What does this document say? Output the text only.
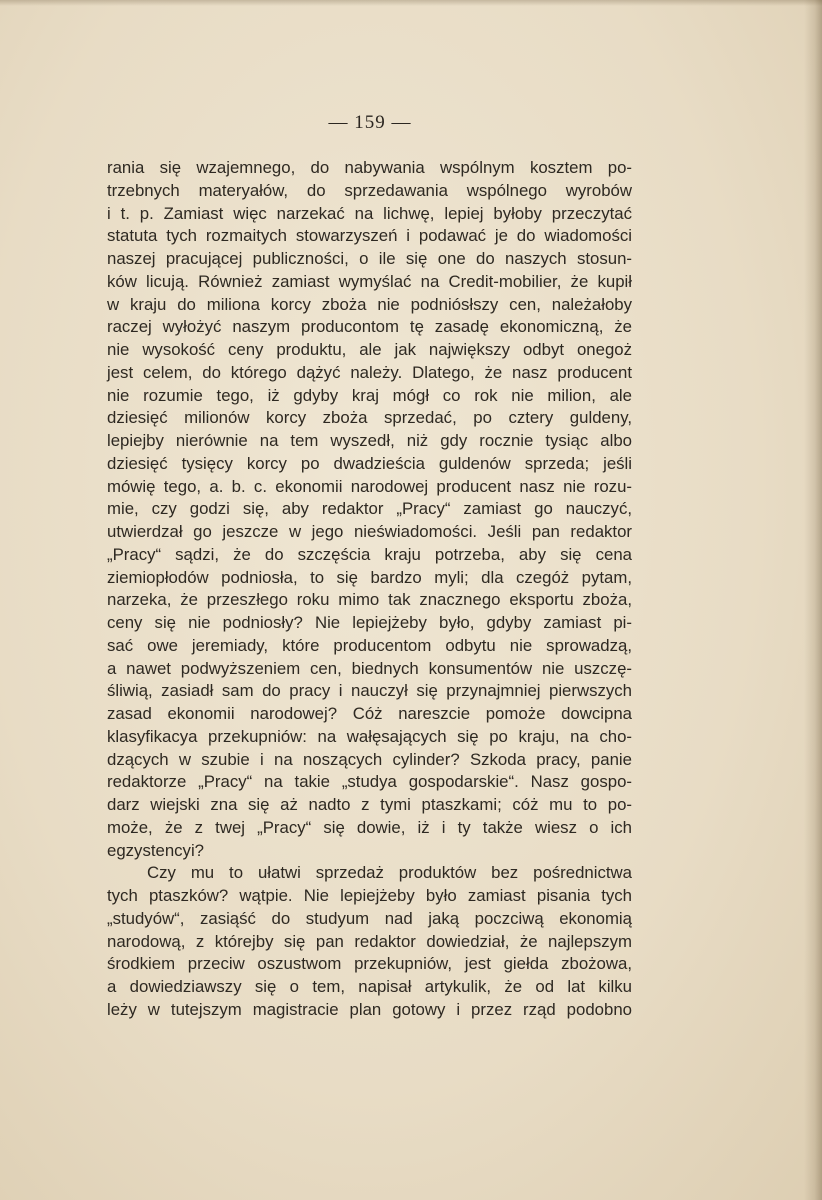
— 159 —
rania się wzajemnego, do nabywania wspólnym kosztem po-
trzebnych materyałów, do sprzedawania wspólnego wyrobów
i t. p. Zamiast więc narzekać na lichwę, lepiej byłoby przeczytać
statuta tych rozmaitych stowarzyszeń i podawać je do wiadomości
naszej pracującej publiczności, o ile się one do naszych stosun-
ków licują. Również zamiast wymyślać na Credit-mobilier, że kupił
w kraju do miliona korcy zboża nie podniósłszy cen, należałoby
raczej wyłożyć naszym producontom tę zasadę ekonomiczną, że
nie wysokość ceny produktu, ale jak największy odbyt onegoż
jest celem, do którego dążyć należy. Dlatego, że nasz producent
nie rozumie tego, iż gdyby kraj mógł co rok nie milion, ale
dziesięć milionów korcy zboża sprzedać, po cztery guldeny,
lepiejby nierównie na tem wyszedł, niż gdy rocznie tysiąc albo
dziesięć tysięcy korcy po dwadzieścia guldenów sprzeda; jeśli
mówię tego, a. b. c. ekonomii narodowej producent nasz nie rozu-
mie, czy godzi się, aby redaktor „Pracy“ zamiast go nauczyć,
utwierdzał go jeszcze w jego nieświadomości. Jeśli pan redaktor
„Pracy“ sądzi, że do szczęścia kraju potrzeba, aby się cena
ziemiopłodów podniosła, to się bardzo myli; dla czegóż pytam,
narzeka, że przeszłego roku mimo tak znacznego eksportu zboża,
ceny się nie podniosły? Nie lepiejżeby było, gdyby zamiast pi-
sać owe jeremiady, które producentom odbytu nie sprowadzą,
a nawet podwyższeniem cen, biednych konsumentów nie uszczę-
śliwią, zasiadł sam do pracy i nauczył się przynajmniej pierwszych
zasad ekonomii narodowej? Cóż nareszcie pomoże dowcipna
klasyfikacya przekupniów: na wałęsających się po kraju, na cho-
dzących w szubie i na noszących cylinder? Szkoda pracy, panie
redaktorze „Pracy“ na takie „studya gospodarskie“. Nasz gospo-
darz wiejski zna się aż nadto z tymi ptaszkami; cóż mu to po-
może, że z twej „Pracy“ się dowie, iż i ty także wiesz o ich
egzystencyi?
Czy mu to ułatwi sprzedaż produktów bez pośrednictwa
tych ptaszków? wątpie. Nie lepiejżeby było zamiast pisania tych
„studyów“, zasiąść do studyum nad jaką poczciwą ekonomią
narodową, z którejby się pan redaktor dowiedział, że najlepszym
środkiem przeciw oszustwom przekupniów, jest giełda zbożowa,
a dowiedziawszy się o tem, napisał artykulik, że od lat kilku
leży w tutejszym magistracie plan gotowy i przez rząd podobno
